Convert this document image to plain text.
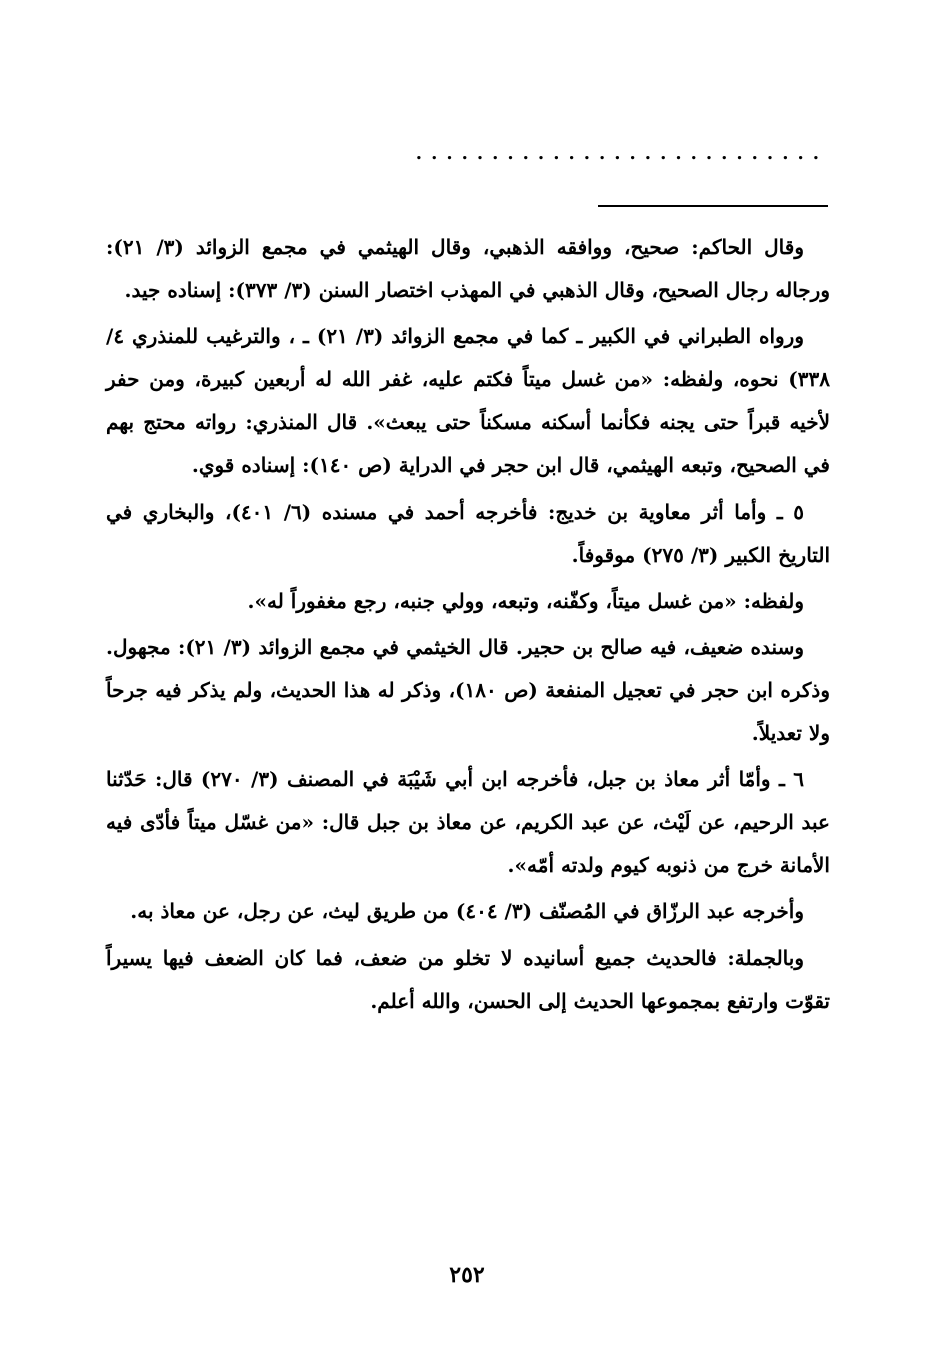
...........................

وقال الحاكم: صحيح، ووافقه الذهبي، وقال الهيثمي في مجمع الزوائد (٣/ ٢١): ورجاله رجال الصحيح، وقال الذهبي في المهذب اختصار السنن (٣/ ٣٧٣): إسناده جيد.

ورواه الطبراني في الكبير ـ كما في مجمع الزوائد (٣/ ٢١) ـ ، والترغيب للمنذري ٤/ ٣٣٨) نحوه، ولفظه: «من غسل ميتاً فكتم عليه، غفر الله له أربعين كبيرة، ومن حفر لأخيه قبراً حتى يجنه فكأنما أسكنه مسكناً حتى يبعث». قال المنذري: رواته محتج بهم في الصحيح، وتبعه الهيثمي، قال ابن حجر في الدراية (ص ١٤٠): إسناده قوي.

٥ ـ وأما أثر معاوية بن خديج: فأخرجه أحمد في مسنده (٦/ ٤٠١)، والبخاري في التاريخ الكبير (٣/ ٢٧٥) موقوفاً.

ولفظه: «من غسل ميتاً، وكفّنه، وتبعه، وولي جنبه، رجع مغفوراً له».

وسنده ضعيف، فيه صالح بن حجير. قال الخيثمي في مجمع الزوائد (٣/ ٢١): مجهول. وذكره ابن حجر في تعجيل المنفعة (ص ١٨٠)، وذكر له هذا الحديث، ولم يذكر فيه جرحاً ولا تعديلاً.

٦ ـ وأمّا أثر معاذ بن جبل، فأخرجه ابن أبي شَيْبَة في المصنف (٣/ ٢٧٠) قال: حَدّثنا عبد الرحيم، عن لَيْث، عن عبد الكريم، عن معاذ بن جبل قال: «من غسّل ميتاً فأدّى فيه الأمانة خرج من ذنوبه كيوم ولدته أمّه».

وأخرجه عبد الرزّاق في المُصنّف (٣/ ٤٠٤) من طريق ليث، عن رجل، عن معاذ به.

وبالجملة: فالحديث جميع أسانيده لا تخلو من ضعف، فما كان الضعف فيها يسيراً تقوّت وارتفع بمجموعها الحديث إلى الحسن، والله أعلم.

٢٥٢
